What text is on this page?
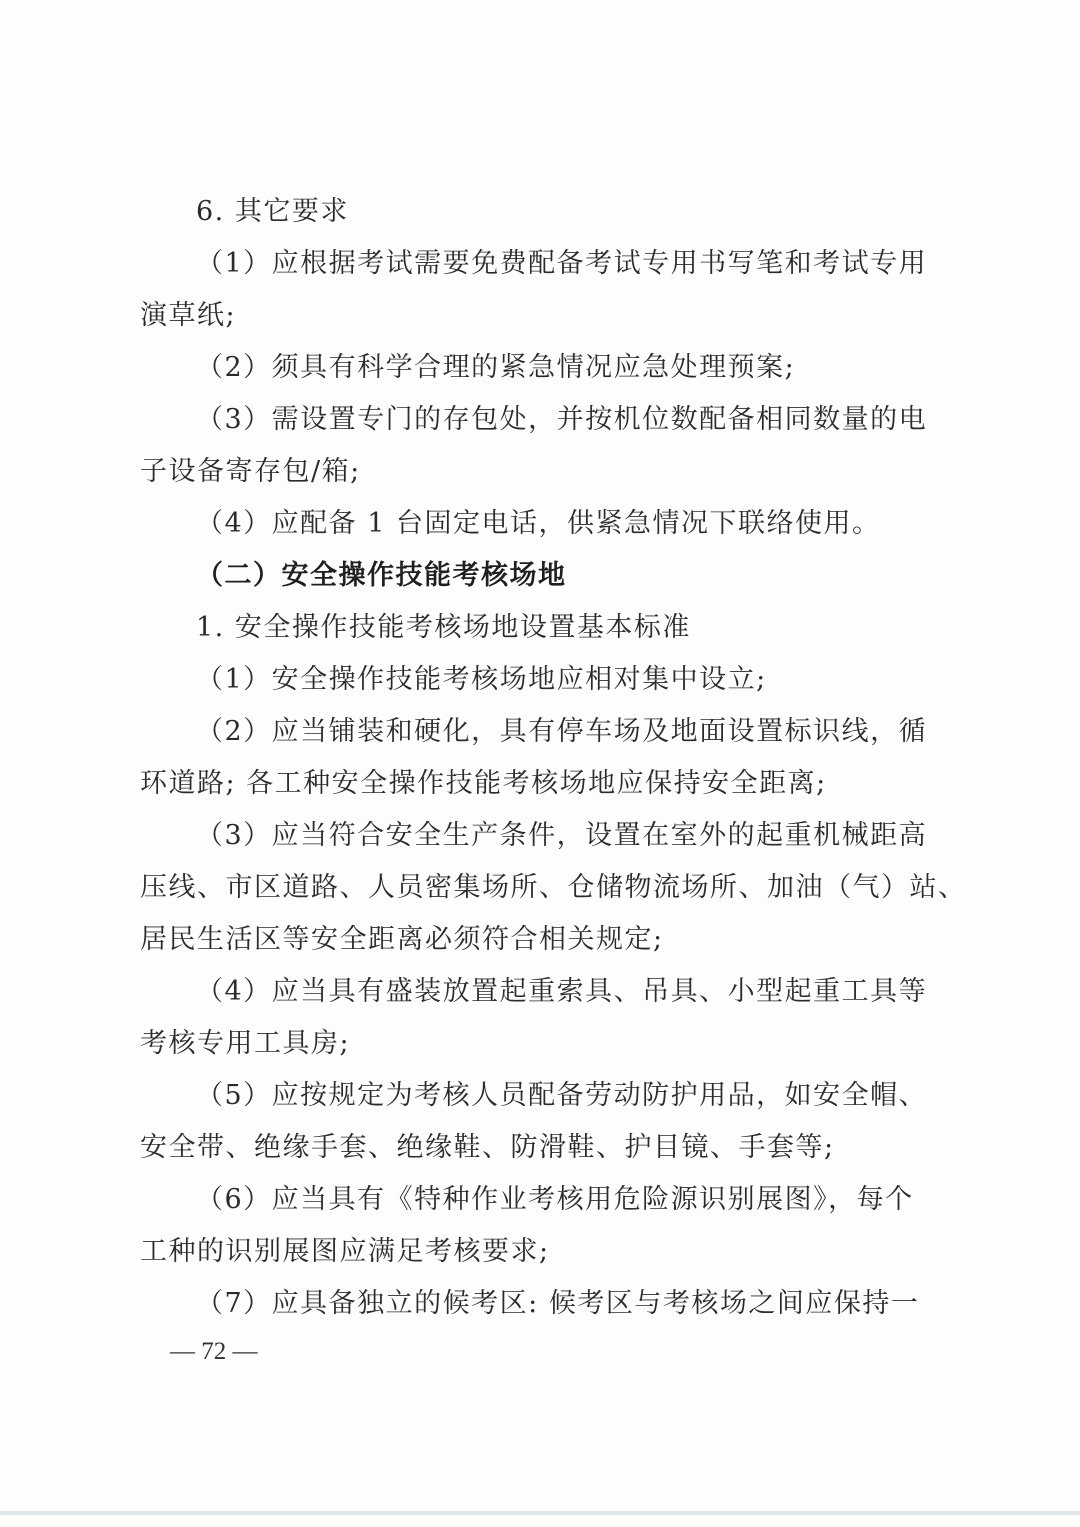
6. 其它要求
（1）应根据考试需要免费配备考试专用书写笔和考试专用
演草纸;
（2）须具有科学合理的紧急情况应急处理预案;
（3）需设置专门的存包处，并按机位数配备相同数量的电
子设备寄存包/箱;
（4）应配备 1 台固定电话，供紧急情况下联络使用。
（二）安全操作技能考核场地
1. 安全操作技能考核场地设置基本标准
（1）安全操作技能考核场地应相对集中设立;
（2）应当铺装和硬化，具有停车场及地面设置标识线，循
环道路; 各工种安全操作技能考核场地应保持安全距离;
（3）应当符合安全生产条件，设置在室外的起重机械距高
压线、市区道路、人员密集场所、仓储物流场所、加油（气）站、
居民生活区等安全距离必须符合相关规定;
（4）应当具有盛装放置起重索具、吊具、小型起重工具等
考核专用工具房;
（5）应按规定为考核人员配备劳动防护用品，如安全帽、
安全带、绝缘手套、绝缘鞋、防滑鞋、护目镜、手套等;
（6）应当具有《特种作业考核用危险源识别展图》，每个
工种的识别展图应满足考核要求;
（7）应具备独立的候考区: 候考区与考核场之间应保持一
— 72 —
